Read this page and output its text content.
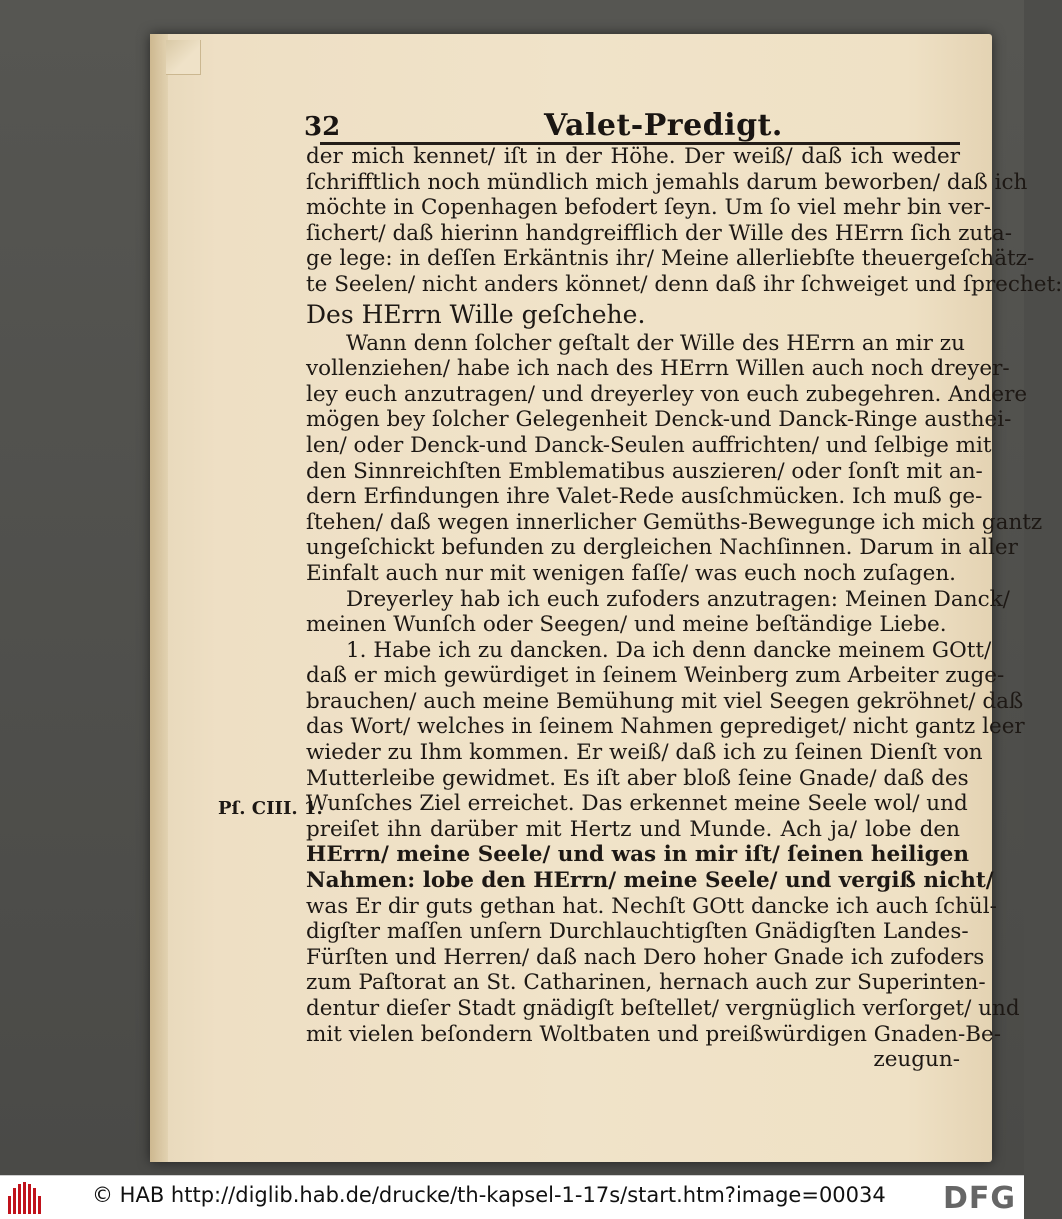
32	Valet-Predigt.
Pſ. CIII. 1.
der mich kennet/ iſt in der Höhe. Der weiß/ daß ich weder
ſchrifftlich noch mündlich mich jemahls darum beworben/ daß ich
möchte in Copenhagen befodert ſeyn. Um ſo viel mehr bin ver-
ſichert/ daß hierinn handgreifflich der Wille des HErrn ſich zuta-
ge lege: in deſſen Erkäntnis ihr/ Meine allerliebſte theuergeſchätz-
te Seelen/ nicht anders könnet/ denn daß ihr ſchweiget und ſprechet:
Des HErrn Wille geſchehe.
Wann denn ſolcher geſtalt der Wille des HErrn an mir zu
vollenziehen/ habe ich nach des HErrn Willen auch noch dreyer-
ley euch anzutragen/ und dreyerley von euch zubegehren. Andere
mögen bey ſolcher Gelegenheit Denck-und Danck-Ringe austhei-
len/ oder Denck-und Danck-Seulen auffrichten/ und ſelbige mit
den Sinnreichſten Emblematibus auszieren/ oder ſonſt mit an-
dern Erfindungen ihre Valet-Rede ausſchmücken. Ich muß ge-
ſtehen/ daß wegen innerlicher Gemüths-Bewegunge ich mich gantz
ungeſchickt befunden zu dergleichen Nachſinnen. Darum in aller
Einfalt auch nur mit wenigen faſſe/ was euch noch zuſagen.
Dreyerley hab ich euch zufoders anzutragen: Meinen Danck/
meinen Wunſch oder Seegen/ und meine beſtändige Liebe.
1. Habe ich zu dancken. Da ich denn dancke meinem GOtt/
daß er mich gewürdiget in ſeinem Weinberg zum Arbeiter zuge-
brauchen/ auch meine Bemühung mit viel Seegen gekröhnet/ daß
das Wort/ welches in ſeinem Nahmen geprediget/ nicht gantz leer
wieder zu Ihm kommen. Er weiß/ daß ich zu ſeinen Dienſt von
Mutterleibe gewidmet. Es iſt aber bloß ſeine Gnade/ daß des
Wunſches Ziel erreichet. Das erkennet meine Seele wol/ und
preiſet ihn darüber mit Hertz und Munde. Ach ja/ lobe den
HErrn/ meine Seele/ und was in mir iſt/ ſeinen heiligen
Nahmen: lobe den HErrn/ meine Seele/ und vergiß nicht/
was Er dir guts gethan hat. Nechſt GOtt dancke ich auch ſchül-
digſter maſſen unſern Durchlauchtigſten Gnädigſten Landes-
Fürſten und Herren/ daß nach Dero hoher Gnade ich zufoders
zum Paſtorat an St. Catharinen, hernach auch zur Superinten-
dentur dieſer Stadt gnädigſt beſtellet/ vergnüglich verſorget/ und
mit vielen beſondern Woltbaten und preißwürdigen Gnaden-Be-
zeugun-
© HAB http://diglib.hab.de/drucke/th-kapsel-1-17s/start.htm?image=00034 DFG
